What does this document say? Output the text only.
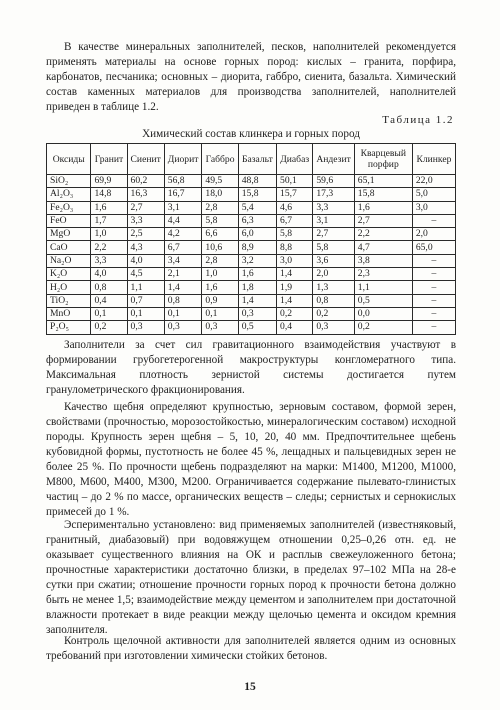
В качестве минеральных заполнителей, песков, наполнителей рекомендуется применять материалы на основе горных пород: кислых – гранита, порфира, карбонатов, песчаника; основных – диорита, габбро, сиенита, базальта. Химический состав каменных материалов для производства заполнителей, наполнителей приведен в таблице 1.2.

Таблица 1.2
Химический состав клинкера и горных пород
Оксиды	Гранит	Сиенит	Диорит	Габбро	Базальт	Диабаз	Андезит	Кварцевый порфир	Клинкер
SiO₂	69,9	60,2	56,8	49,5	48,8	50,1	59,6	65,1	22,0
Al₂O₃	14,8	16,3	16,7	18,0	15,8	15,7	17,3	15,8	5,0
Fe₂O₃	1,6	2,7	3,1	2,8	5,4	4,6	3,3	1,6	3,0
FeO	1,7	3,3	4,4	5,8	6,3	6,7	3,1	2,7	–
MgO	1,0	2,5	4,2	6,6	6,0	5,8	2,7	2,2	2,0
CaO	2,2	4,3	6,7	10,6	8,9	8,8	5,8	4,7	65,0
Na₂O	3,3	4,0	3,4	2,8	3,2	3,0	3,6	3,8	–
K₂O	4,0	4,5	2,1	1,0	1,6	1,4	2,0	2,3	–
H₂O	0,8	1,1	1,4	1,6	1,8	1,9	1,3	1,1	–
TiO₂	0,4	0,7	0,8	0,9	1,4	1,4	0,8	0,5	–
MnO	0,1	0,1	0,1	0,1	0,3	0,2	0,2	0,0	–
P₂O₅	0,2	0,3	0,3	0,3	0,5	0,4	0,3	0,2	–

Заполнители за счет сил гравитационного взаимодействия участвуют в формировании грубогетерогенной макроструктуры конгломератного типа. Максимальная плотность зернистой системы достигается путем гранулометрического фракционирования.

Качество щебня определяют крупностью, зерновым составом, формой зерен, свойствами (прочностью, морозостойкостью, минералогическим составом) исходной породы. Крупность зерен щебня – 5, 10, 20, 40 мм. Предпочтительнее щебень кубовидной формы, пустотность не более 45 %, лещадных и пальцевидных зерен не более 25 %. По прочности щебень подразделяют на марки: М1400, М1200, М1000, М800, М600, М400, М300, М200. Ограничивается содержание пылевато-глинистых частиц – до 2 % по массе, органических веществ – следы; сернистых и сернокислых примесей до 1 %.

Эспериментально установлено: вид применяемых заполнителей (известняковый, гранитный, диабазовый) при водовяжущем отношении 0,25–0,26 отн. ед. не оказывает существенного влияния на ОК и расплыв свежеуложенного бетона; прочностные характеристики достаточно близки, в пределах 97–102 МПа на 28-е сутки при сжатии; отношение прочности горных пород к прочности бетона должно быть не менее 1,5; взаимодействие между цементом и заполнителем при достаточной влажности протекает в виде реакции между щелочью цемента и оксидом кремния заполнителя.

Контроль щелочной активности для заполнителей является одним из основных требований при изготовлении химически стойких бетонов.

15
